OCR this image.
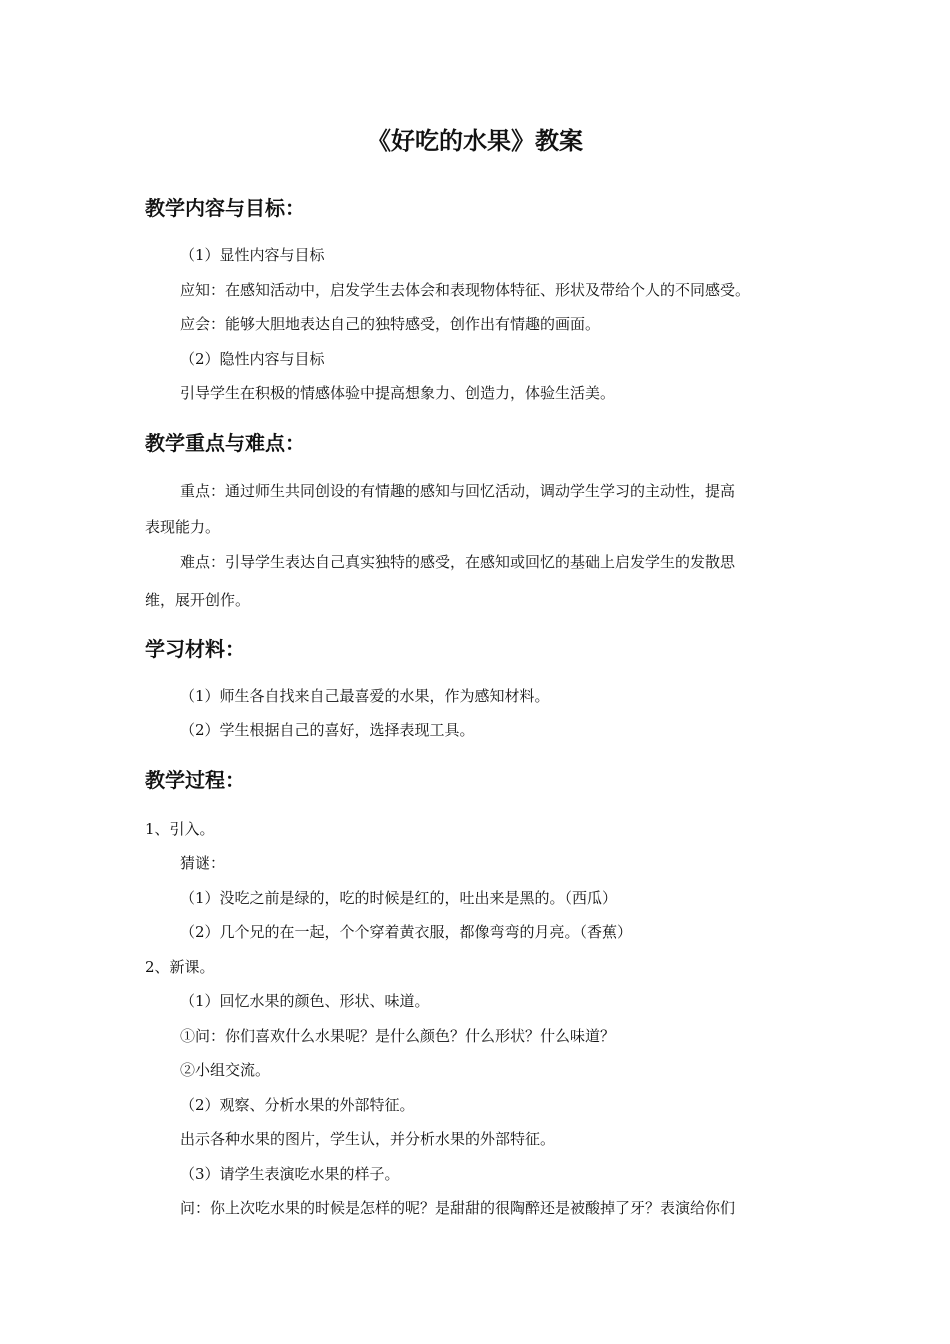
《好吃的水果》教案
教学内容与目标：
（1）显性内容与目标
应知：在感知活动中，启发学生去体会和表现物体特征、形状及带给个人的不同感受。
应会：能够大胆地表达自己的独特感受，创作出有情趣的画面。
（2）隐性内容与目标
引导学生在积极的情感体验中提高想象力、创造力，体验生活美。
教学重点与难点：
重点：通过师生共同创设的有情趣的感知与回忆活动，调动学生学习的主动性，提高
表现能力。
难点：引导学生表达自己真实独特的感受，在感知或回忆的基础上启发学生的发散思
维，展开创作。
学习材料：
（1）师生各自找来自己最喜爱的水果，作为感知材料。
（2）学生根据自己的喜好，选择表现工具。
教学过程：
1、引入。
猜谜：
（1）没吃之前是绿的，吃的时候是红的，吐出来是黑的。（西瓜）
（2）几个兄的在一起，个个穿着黄衣服，都像弯弯的月亮。（香蕉）
2、新课。
（1）回忆水果的颜色、形状、味道。
①问：你们喜欢什么水果呢？是什么颜色？什么形状？什么味道？
②小组交流。
（2）观察、分析水果的外部特征。
出示各种水果的图片，学生认，并分析水果的外部特征。
（3）请学生表演吃水果的样子。
问：你上次吃水果的时候是怎样的呢？是甜甜的很陶醉还是被酸掉了牙？表演给你们
